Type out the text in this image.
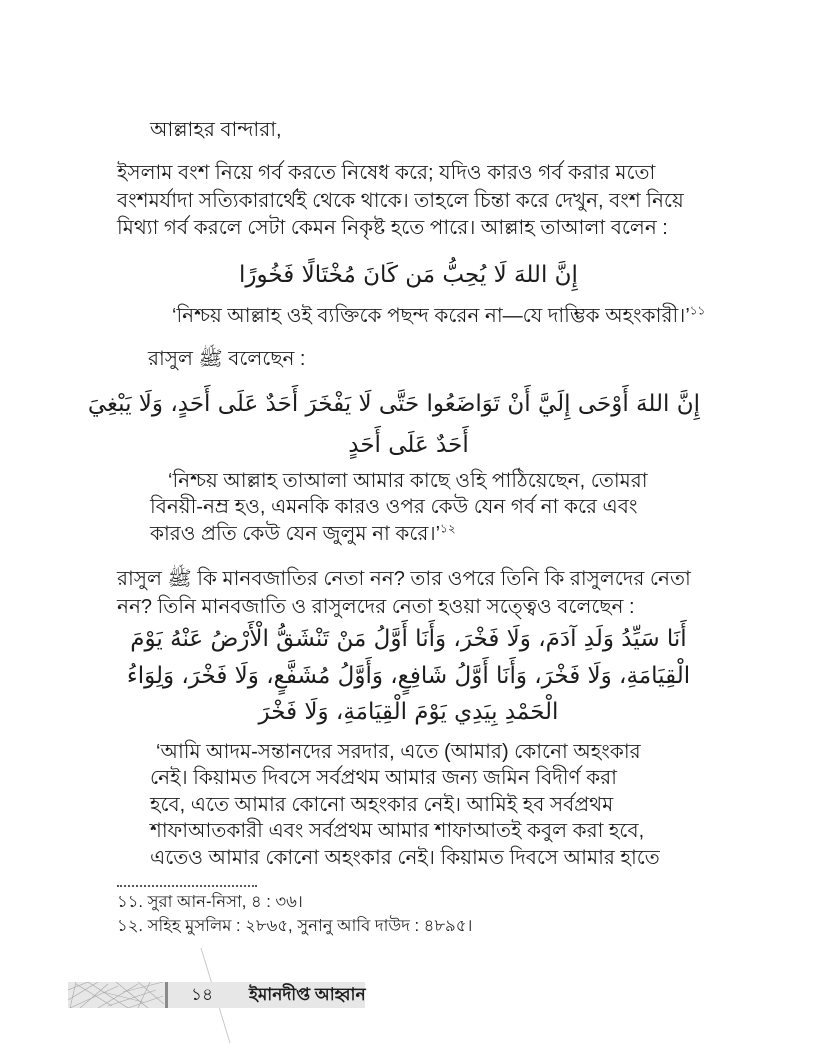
আল্লাহর বান্দারা,
ইসলাম বংশ নিয়ে গর্ব করতে নিষেধ করে; যদিও কারও গর্ব করার মতো
বংশমর্যাদা সত্যিকারার্থেই থেকে থাকে। তাহলে চিন্তা করে দেখুন, বংশ নিয়ে
মিথ্যা গর্ব করলে সেটা কেমন নিকৃষ্ট হতে পারে। আল্লাহ তাআলা বলেন :
إِنَّ اللهَ لَا يُحِبُّ مَن كَانَ مُخْتَالًا فَخُورًا
‘নিশ্চয় আল্লাহ ওই ব্যক্তিকে পছন্দ করেন না—যে দাম্ভিক অহংকারী।’$^{১১}$
রাসুল ﷺ বলেছেন :
إِنَّ اللهَ أَوْحَى إِلَيَّ أَنْ تَوَاضَعُوا حَتَّى لَا يَفْخَرَ أَحَدٌ عَلَى أَحَدٍ، وَلَا يَبْغِيَ
أَحَدٌ عَلَى أَحَدٍ
‘নিশ্চয় আল্লাহ তাআলা আমার কাছে ওহি পাঠিয়েছেন, তোমরা
বিনয়ী-নম্র হও, এমনকি কারও ওপর কেউ যেন গর্ব না করে এবং
কারও প্রতি কেউ যেন জুলুম না করে।’$^{১২}$
রাসুল ﷺ কি মানবজাতির নেতা নন? তার ওপরে তিনি কি রাসুলদের নেতা
নন? তিনি মানবজাতি ও রাসুলদের নেতা হওয়া সত্ত্বেও বলেছেন :
أَنَا سَيِّدُ وَلَدِ آدَمَ، وَلَا فَخْرَ، وَأَنَا أَوَّلُ مَنْ تَنْشَقُّ الْأَرْضُ عَنْهُ يَوْمَ
الْقِيَامَةِ، وَلَا فَخْرَ، وَأَنَا أَوَّلُ شَافِعٍ، وَأَوَّلُ مُشَفَّعٍ، وَلَا فَخْرَ، وَلِوَاءُ
الْحَمْدِ بِيَدِي يَوْمَ الْقِيَامَةِ، وَلَا فَخْرَ
‘আমি আদম-সন্তানদের সরদার, এতে (আমার) কোনো অহংকার
নেই। কিয়ামত দিবসে সর্বপ্রথম আমার জন্য জমিন বিদীর্ণ করা
হবে, এতে আমার কোনো অহংকার নেই। আমিই হব সর্বপ্রথম
শাফাআতকারী এবং সর্বপ্রথম আমার শাফাআতই কবুল করা হবে,
এতেও আমার কোনো অহংকার নেই। কিয়ামত দিবসে আমার হাতে
১১. সুরা আন-নিসা, ৪ : ৩৬।
১২. সহিহ মুসলিম : ২৮৬৫, সুনানু আবি দাউদ : ৪৮৯৫।
১৪	ইমানদীপ্ত আহ্বান
